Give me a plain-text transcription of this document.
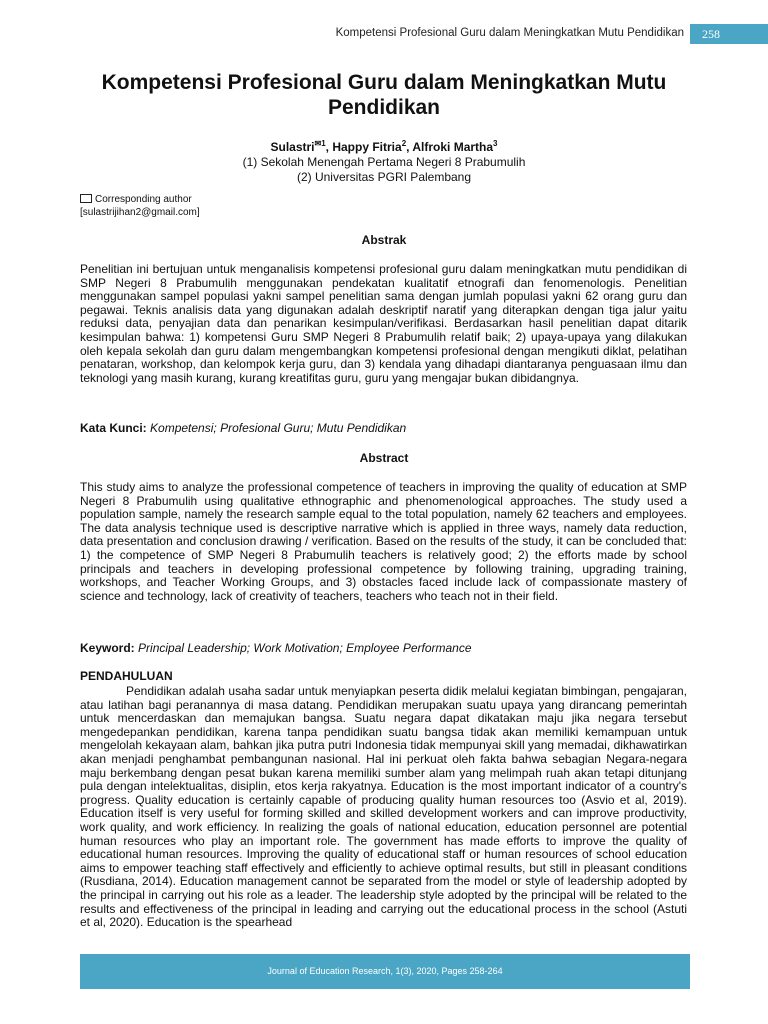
Kompetensi Profesional Guru dalam Meningkatkan Mutu Pendidikan	258
Kompetensi Profesional Guru dalam Meningkatkan Mutu Pendidikan
Sulastri$^{✉1}$, Happy Fitria$^2$, Alfroki Martha$^3$
(1) Sekolah Menengah Pertama Negeri 8 Prabumulih
(2) Universitas PGRI Palembang
Corresponding author
[sulastrijihan2@gmail.com]
Abstrak
Penelitian ini bertujuan untuk menganalisis kompetensi profesional guru dalam meningkatkan mutu pendidikan di SMP Negeri 8 Prabumulih menggunakan pendekatan kualitatif etnografi dan fenomenologis. Penelitian menggunakan sampel populasi yakni sampel penelitian sama dengan jumlah populasi yakni 62 orang guru dan pegawai. Teknis analisis data yang digunakan adalah deskriptif naratif yang diterapkan dengan tiga jalur yaitu reduksi data, penyajian data dan penarikan kesimpulan/verifikasi. Berdasarkan hasil penelitian dapat ditarik kesimpulan bahwa: 1) kompetensi Guru SMP Negeri 8 Prabumulih relatif baik; 2) upaya-upaya yang dilakukan oleh kepala sekolah dan guru dalam mengembangkan kompetensi profesional dengan mengikuti diklat, pelatihan penataran, workshop, dan kelompok kerja guru, dan 3) kendala yang dihadapi diantaranya penguasaan ilmu dan teknologi yang masih kurang, kurang kreatifitas guru, guru yang mengajar bukan dibidangnya.
Kata Kunci: Kompetensi; Profesional Guru; Mutu Pendidikan
Abstract
This study aims to analyze the professional competence of teachers in improving the quality of education at SMP Negeri 8 Prabumulih using qualitative ethnographic and phenomenological approaches. The study used a population sample, namely the research sample equal to the total population, namely 62 teachers and employees. The data analysis technique used is descriptive narrative which is applied in three ways, namely data reduction, data presentation and conclusion drawing / verification. Based on the results of the study, it can be concluded that: 1) the competence of SMP Negeri 8 Prabumulih teachers is relatively good; 2) the efforts made by school principals and teachers in developing professional competence by following training, upgrading training, workshops, and Teacher Working Groups, and 3) obstacles faced include lack of compassionate mastery of science and technology, lack of creativity of teachers, teachers who teach not in their field.
Keyword: Principal Leadership; Work Motivation; Employee Performance
PENDAHULUAN
Pendidikan adalah usaha sadar untuk menyiapkan peserta didik melalui kegiatan bimbingan, pengajaran, atau latihan bagi peranannya di masa datang. Pendidikan merupakan suatu upaya yang dirancang pemerintah untuk mencerdaskan dan memajukan bangsa. Suatu negara dapat dikatakan maju jika negara tersebut mengedepankan pendidikan, karena tanpa pendidikan suatu bangsa tidak akan memiliki kemampuan untuk mengelolah kekayaan alam, bahkan jika putra putri Indonesia tidak mempunyai skill yang memadai, dikhawatirkan akan menjadi penghambat pembangunan nasional. Hal ini perkuat oleh fakta bahwa sebagian Negara-negara maju berkembang dengan pesat bukan karena memiliki sumber alam yang melimpah ruah akan tetapi ditunjang pula dengan intelektualitas, disiplin, etos kerja rakyatnya. Education is the most important indicator of a country's progress. Quality education is certainly capable of producing quality human resources too (Asvio et al, 2019). Education itself is very useful for forming skilled and skilled development workers and can improve productivity, work quality, and work efficiency. In realizing the goals of national education, education personnel are potential human resources who play an important role. The government has made efforts to improve the quality of educational human resources. Improving the quality of educational staff or human resources of school education aims to empower teaching staff effectively and efficiently to achieve optimal results, but still in pleasant conditions (Rusdiana, 2014). Education management cannot be separated from the model or style of leadership adopted by the principal in carrying out his role as a leader. The leadership style adopted by the principal will be related to the results and effectiveness of the principal in leading and carrying out the educational process in the school (Astuti et al, 2020). Education is the spearhead
Journal of Education Research, 1(3), 2020, Pages 258-264
